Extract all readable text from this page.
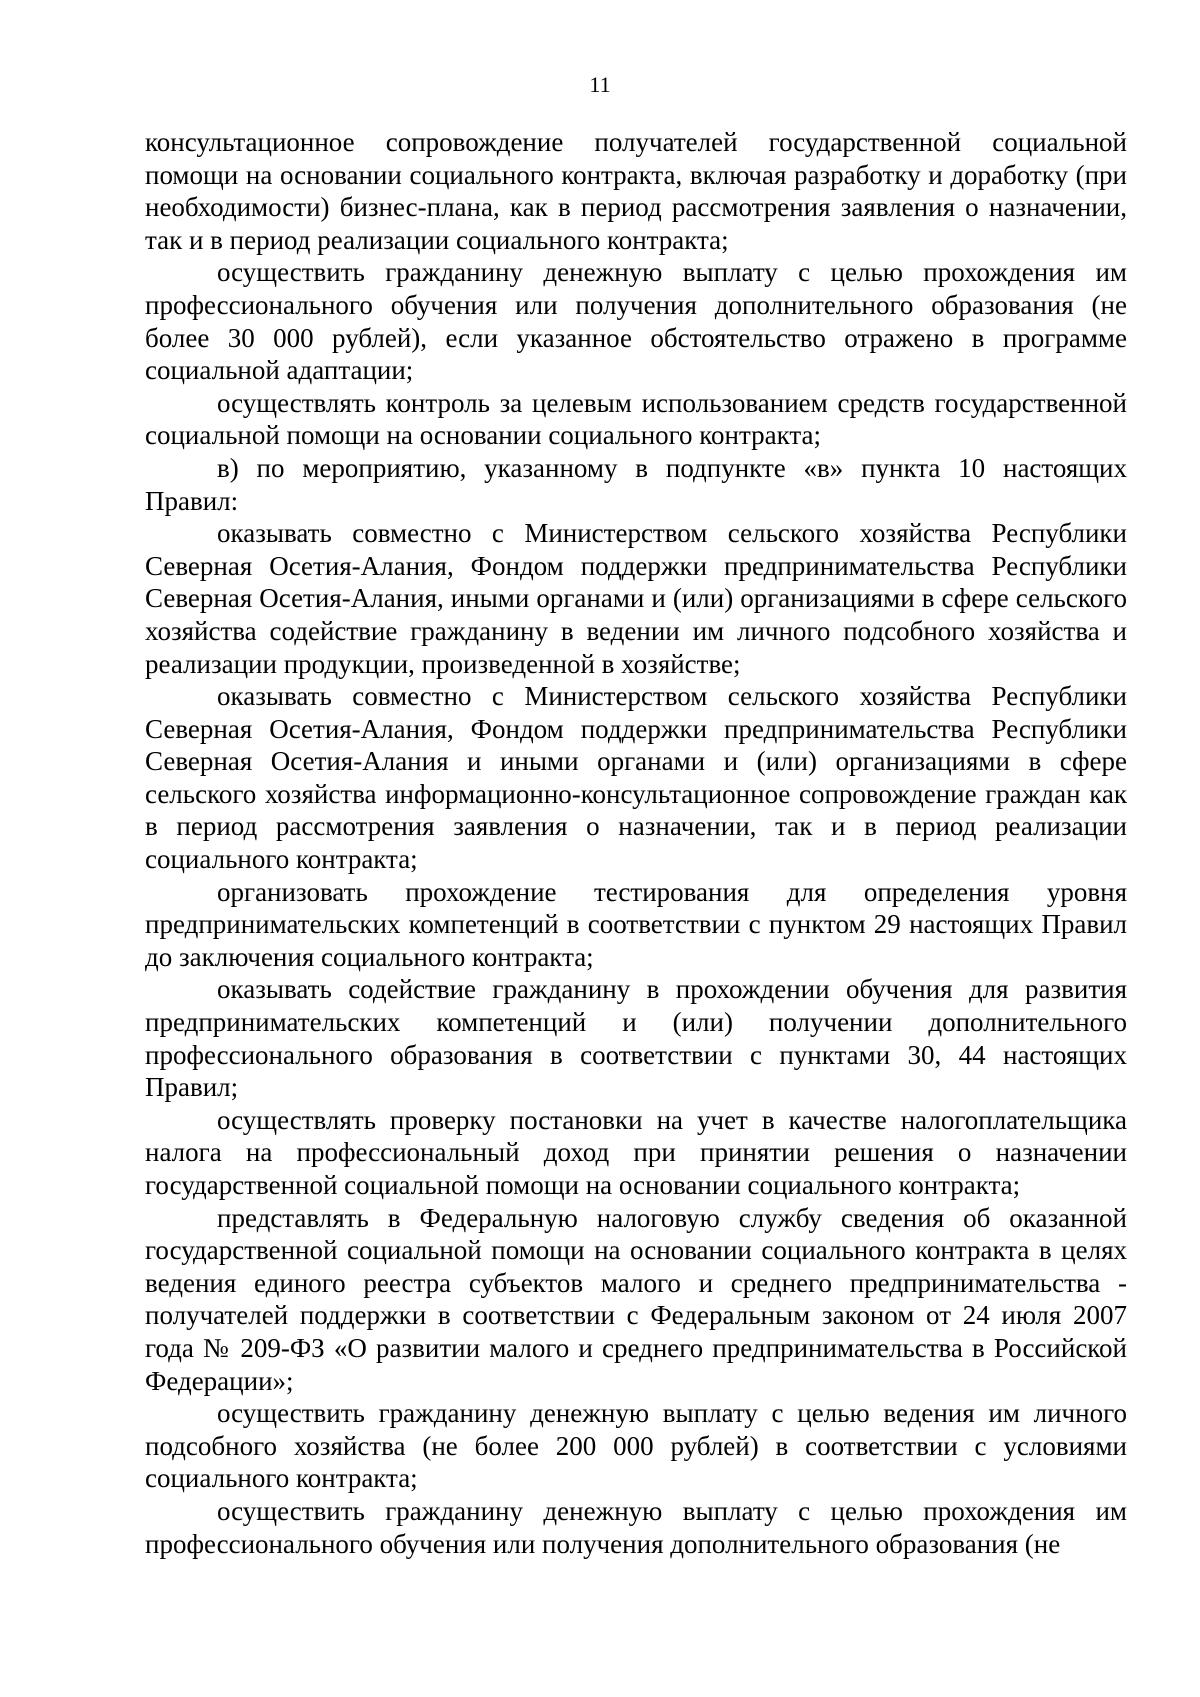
11

консультационное сопровождение получателей государственной социальной помощи на основании социального контракта, включая разработку и доработку (при необходимости) бизнес-плана, как в период рассмотрения заявления о назначении, так и в период реализации социального контракта;

осуществить гражданину денежную выплату с целью прохождения им профессионального обучения или получения дополнительного образования (не более 30 000 рублей), если указанное обстоятельство отражено в программе социальной адаптации;

осуществлять контроль за целевым использованием средств государственной социальной помощи на основании социального контракта;

в) по мероприятию, указанному в подпункте «в» пункта 10 настоящих Правил:

оказывать совместно с Министерством сельского хозяйства Республики Северная Осетия-Алания, Фондом поддержки предпринимательства Республики Северная Осетия-Алания, иными органами и (или) организациями в сфере сельского хозяйства содействие гражданину в ведении им личного подсобного хозяйства и реализации продукции, произведенной в хозяйстве;

оказывать совместно с Министерством сельского хозяйства Республики Северная Осетия-Алания, Фондом поддержки предпринимательства Республики Северная Осетия-Алания и иными органами и (или) организациями в сфере сельского хозяйства информационно-консультационное сопровождение граждан как в период рассмотрения заявления о назначении, так и в период реализации социального контракта;

организовать прохождение тестирования для определения уровня предпринимательских компетенций в соответствии с пунктом 29 настоящих Правил до заключения социального контракта;

оказывать содействие гражданину в прохождении обучения для развития предпринимательских компетенций и (или) получении дополнительного профессионального образования в соответствии с пунктами 30, 44 настоящих Правил;

осуществлять проверку постановки на учет в качестве налогоплательщика налога на профессиональный доход при принятии решения о назначении государственной социальной помощи на основании социального контракта;

представлять в Федеральную налоговую службу сведения об оказанной государственной социальной помощи на основании социального контракта в целях ведения единого реестра субъектов малого и среднего предпринимательства - получателей поддержки в соответствии с Федеральным законом от 24 июля 2007 года № 209-ФЗ «О развитии малого и среднего предпринимательства в Российской Федерации»;

осуществить гражданину денежную выплату с целью ведения им личного подсобного хозяйства (не более 200 000 рублей) в соответствии с условиями социального контракта;

осуществить гражданину денежную выплату с целью прохождения им профессионального обучения или получения дополнительного образования (не
